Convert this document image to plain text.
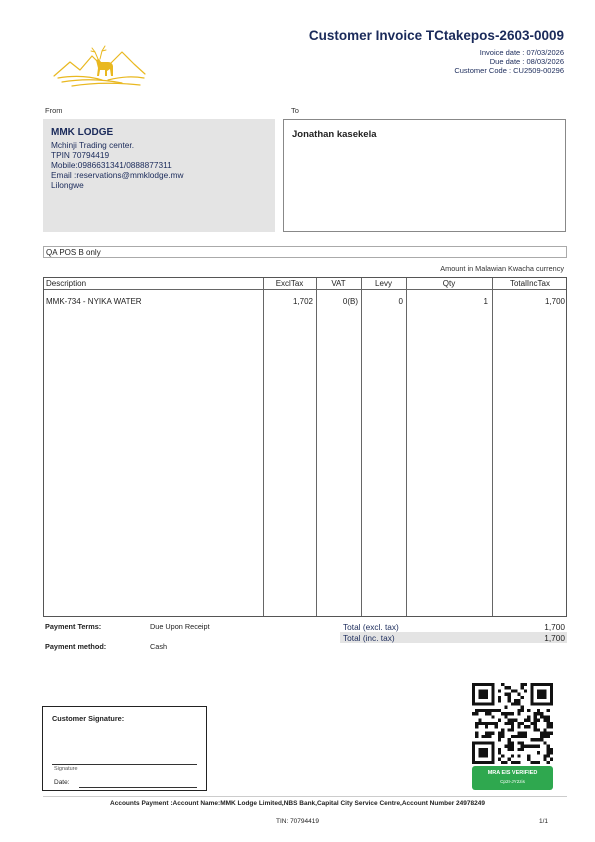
Customer Invoice TCtakepos-2603-0009
Invoice date : 07/03/2026
Due date : 08/03/2026
Customer Code : CU2509-00296
From	To
MMK LODGE
Mchinji Trading center.
TPIN 70794419
Mobile:0986631341/0888877311
Email :reservations@mmklodge.mw
Lilongwe
Jonathan kasekela
QA POS B only
Amount in Malawian Kwacha currency
Description	ExclTax	VAT	Levy	Qty	TotalIncTax
MMK-734 - NYIKA WATER	1,702	0(B)	0	1	1,700
Payment Terms:	Due Upon Receipt
Payment method:	Cash
Total (excl. tax)	1,700
Total (inc. tax)	1,700
Customer Signature:
Signature
Date:
MRA EIS VERIFIED
Cp2I-JY2zis
Accounts Payment :Account Name:MMK Lodge Limited,NBS Bank,Capital City Service Centre,Account Number 24978249
TIN: 70794419	1/1
